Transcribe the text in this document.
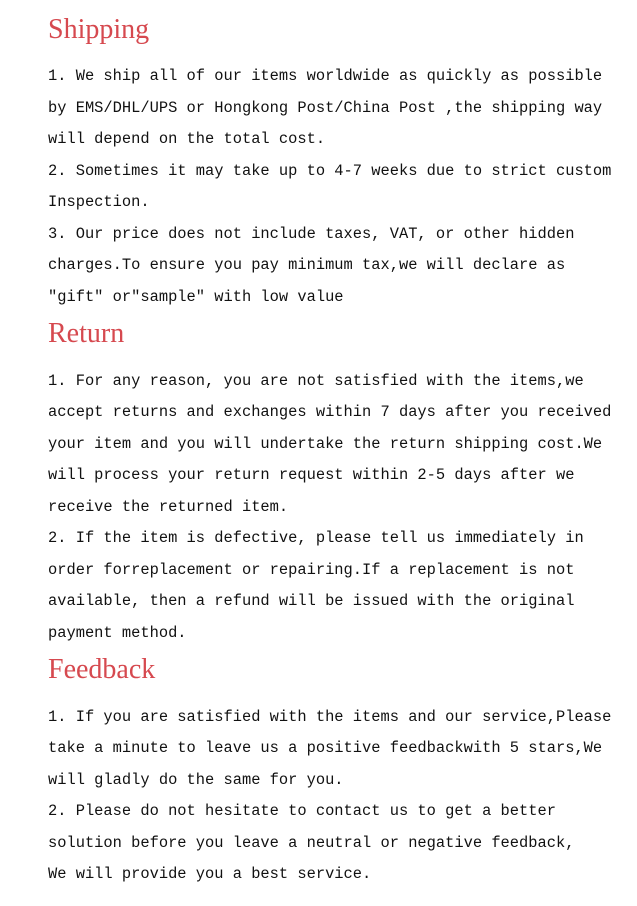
Shipping

1. We ship all of our items worldwide as quickly as possible

by EMS/DHL/UPS or Hongkong Post/China Post ,the shipping way

will depend on the total cost.

2. Sometimes it may take up to 4-7 weeks due to strict custom

Inspection.

3. Our price does not include taxes, VAT, or other hidden

charges.To ensure you pay minimum tax,we will declare as

"gift" or"sample" with low value

Return

1. For any reason, you are not satisfied with the items,we

accept returns and exchanges within 7 days after you received

your item and you will undertake the return shipping cost.We

will process your return request within 2-5 days after we

receive the returned item.

2. If the item is defective, please tell us immediately in

order forreplacement or repairing.If a replacement is not

available, then a refund will be issued with the original

payment method.

Feedback

1. If you are satisfied with the items and our service,Please

take a minute to leave us a positive feedbackwith 5 stars,We

will gladly do the same for you.

2. Please do not hesitate to contact us to get a better

solution before you leave a neutral or negative feedback,

We will provide you a best service.
